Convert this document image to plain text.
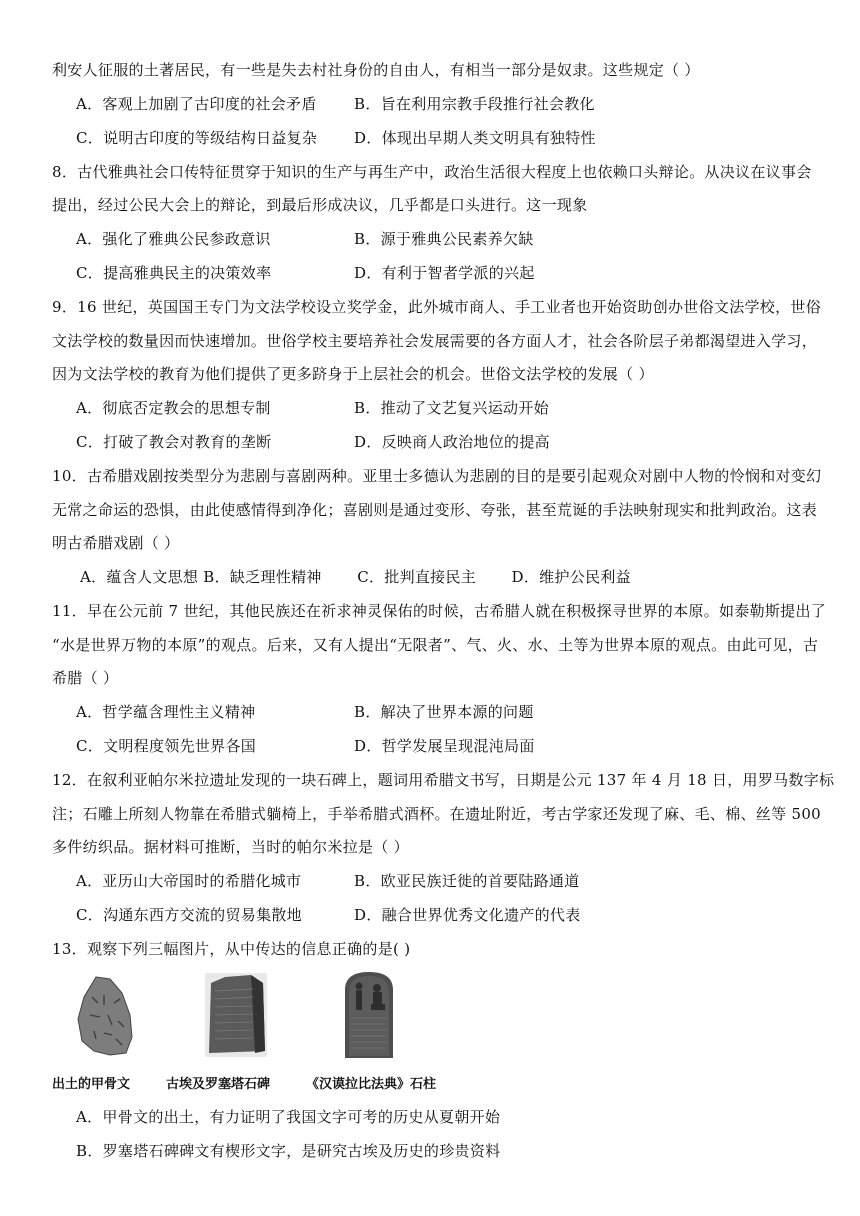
利安人征服的土著居民，有一些是失去村社身份的自由人，有相当一部分是奴隶。这些规定（ ）
A．客观上加剧了古印度的社会矛盾 B．旨在利用宗教手段推行社会教化
C．说明古印度的等级结构日益复杂 D．体现出早期人类文明具有独特性
8．古代雅典社会口传特征贯穿于知识的生产与再生产中，政治生活很大程度上也依赖口头辩论。从决议在议事会
提出，经过公民大会上的辩论，到最后形成决议，几乎都是口头进行。这一现象
A．强化了雅典公民参政意识	B．源于雅典公民素养欠缺
C．提高雅典民主的决策效率	D．有利于智者学派的兴起
9．16 世纪，英国国王专门为文法学校设立奖学金，此外城市商人、手工业者也开始资助创办世俗文法学校，世俗
文法学校的数量因而快速增加。世俗学校主要培养社会发展需要的各方面人才，社会各阶层子弟都渴望进入学习，
因为文法学校的教育为他们提供了更多跻身于上层社会的机会。世俗文法学校的发展（ ）
A．彻底否定教会的思想专制	B．推动了文艺复兴运动开始
C．打破了教会对教育的垄断	D．反映商人政治地位的提高
10．古希腊戏剧按类型分为悲剧与喜剧两种。亚里士多德认为悲剧的目的是要引起观众对剧中人物的怜悯和对变幻
无常之命运的恐惧，由此使感情得到净化；喜剧则是通过变形、夸张，甚至荒诞的手法映射现实和批判政治。这表
明古希腊戏剧（ ）
A．蕴含人文思想 B．缺乏理性精神       C．批判直接民主       D．维护公民利益
11．早在公元前 7 世纪，其他民族还在祈求神灵保佑的时候，古希腊人就在积极探寻世界的本原。如泰勒斯提出了
“水是世界万物的本原”的观点。后来，又有人提出“无限者”、气、火、水、土等为世界本原的观点。由此可见，古
希腊（ ）
A．哲学蕴含理性主义精神	B．解决了世界本源的问题
C．文明程度领先世界各国	D．哲学发展呈现混沌局面
12．在叙利亚帕尔米拉遗址发现的一块石碑上，题词用希腊文书写，日期是公元 137 年 4 月 18 日，用罗马数字标
注；石雕上所刻人物靠在希腊式躺椅上，手举希腊式酒杯。在遗址附近，考古学家还发现了麻、毛、棉、丝等 500
多件纺织品。据材料可推断，当时的帕尔米拉是（ ）
A．亚历山大帝国时的希腊化城市	B．欧亚民族迁徙的首要陆路通道
C．沟通东西方交流的贸易集散地	D．融合世界优秀文化遗产的代表
13．观察下列三幅图片，从中传达的信息正确的是( )
出土的甲骨文	古埃及罗塞塔石碑	《汉谟拉比法典》石柱
A．甲骨文的出土，有力证明了我国文字可考的历史从夏朝开始
B．罗塞塔石碑碑文有楔形文字，是研究古埃及历史的珍贵资料
